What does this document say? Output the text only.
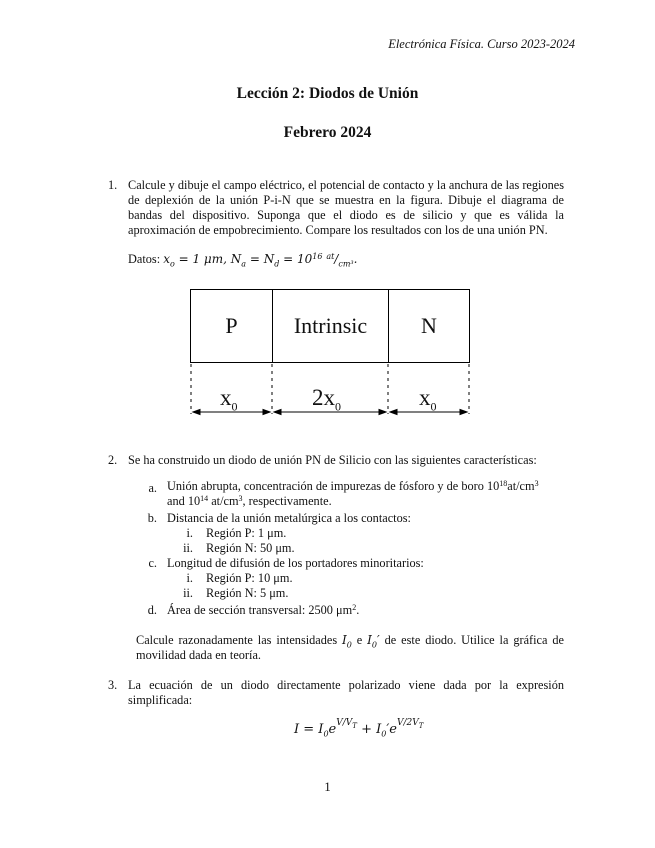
Electrónica Física. Curso 2023-2024
Lección 2: Diodos de Unión
Febrero 2024
1. Calcule y dibuje el campo eléctrico, el potencial de contacto y la anchura de las regiones de deplexión de la unión P-i-N que se muestra en la figura. Dibuje el diagrama de bandas del dispositivo. Suponga que el diodo es de silicio y que es válida la aproximación de empobrecimiento. Compare los resultados con los de una unión PN.
Datos: $x_o = 1$ μm, $N_a = N_d = 10^{16}$ $^{at}/_{cm^3}$.
P	Intrinsic	N
$x_0$	$2x_0$	$x_0$
2. Se ha construido un diodo de unión PN de Silicio con las siguientes características:
a. Unión abrupta, concentración de impurezas de fósforo y de boro $10^{18}at/cm^3$
and $10^{14}$ $at/cm^3$, respectivamente.
b. Distancia de la unión metalúrgica a los contactos:
i. Región P: 1 μm.
ii. Región N: 50 μm.
c. Longitud de difusión de los portadores minoritarios:
i. Región P: 10 μm.
ii. Región N: 5 μm.
d. Área de sección transversal: 2500 $\mu m^2$.
Calcule razonadamente las intensidades $I_0$ e $I_0'$ de este diodo. Utilice la gráfica de movilidad dada en teoría.
3. La ecuación de un diodo directamente polarizado viene dada por la expresión simplificada:
$I = I_0e^{V/V_T} + I_0'e^{V/2V_T}$
1
